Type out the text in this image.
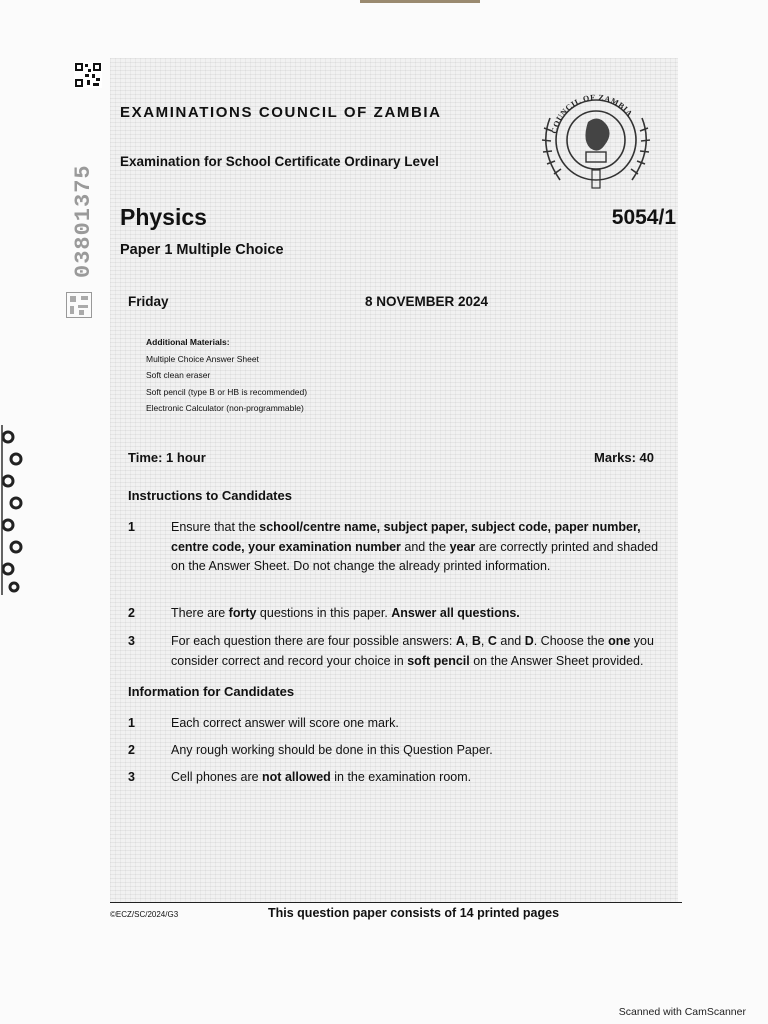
03801375
COUNCIL OF ZAMBIA
EXAMINATIONS COUNCIL OF ZAMBIA
Examination for School Certificate Ordinary Level
Physics	5054/1
Paper 1 Multiple Choice
Friday	8 NOVEMBER 2024
Additional Materials:
Multiple Choice Answer Sheet
Soft clean eraser
Soft pencil (type B or HB is recommended)
Electronic Calculator (non-programmable)
Time: 1 hour	Marks: 40
Instructions to Candidates
1	Ensure that the school/centre name, subject paper, subject code, paper number, centre code, your examination number and the year are correctly printed and shaded on the Answer Sheet. Do not change the already printed information.
2	There are forty questions in this paper. Answer all questions.
3	For each question there are four possible answers: A, B, C and D. Choose the one you consider correct and record your choice in soft pencil on the Answer Sheet provided.
Information for Candidates
1	Each correct answer will score one mark.
2	Any rough working should be done in this Question Paper.
3	Cell phones are not allowed in the examination room.
©ECZ/SC/2024/G3	This question paper consists of 14 printed pages
Scanned with CamScanner
